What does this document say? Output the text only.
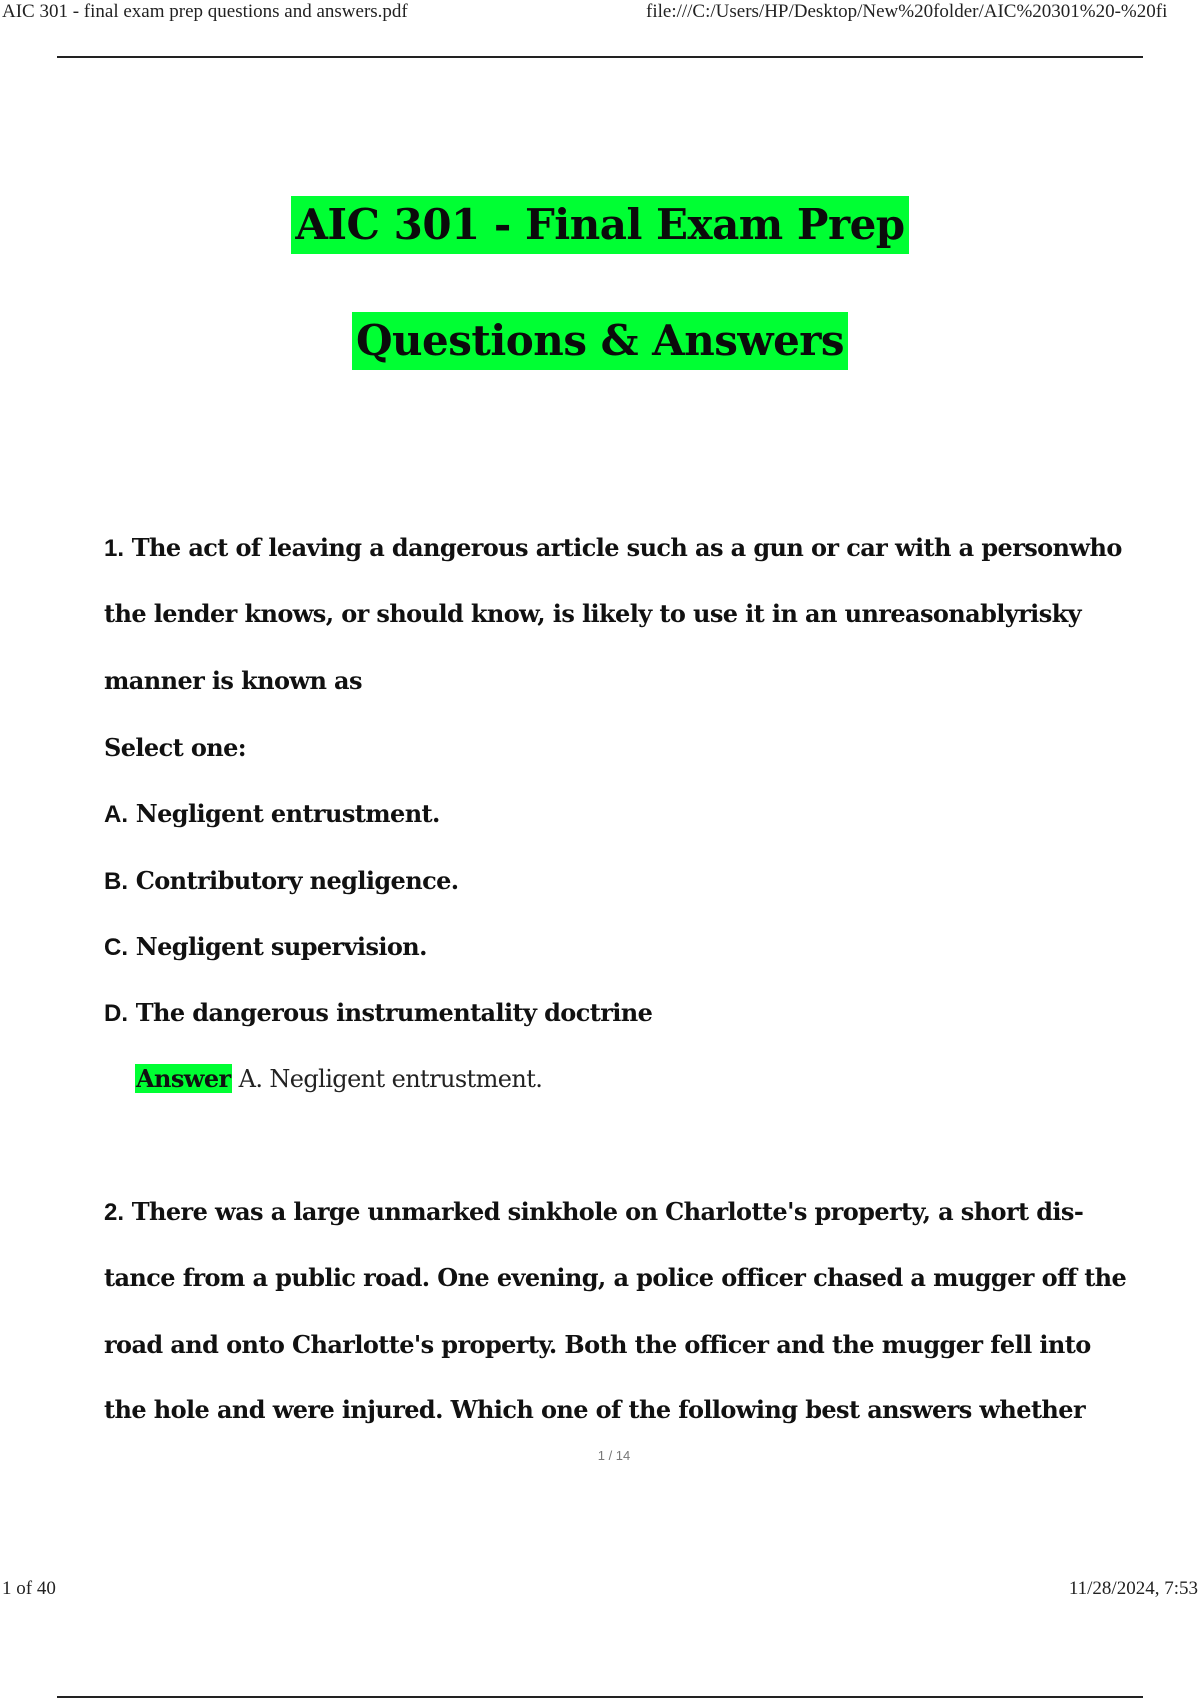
AIC 301 - final exam prep questions and answers.pdf	file:///C:/Users/HP/Desktop/New%20folder/AIC%20301%20-%20fi
AIC 301 - Final Exam Prep
Questions & Answers
1. The act of leaving a dangerous article such as a gun or car with a personwho
the lender knows, or should know, is likely to use it in an unreasonablyrisky
manner is known as
Select one:
A. Negligent entrustment.
B. Contributory negligence.
C. Negligent supervision.
D. The dangerous instrumentality doctrine
Answer A. Negligent entrustment.
2. There was a large unmarked sinkhole on Charlotte's property, a short dis-
tance from a public road. One evening, a police officer chased a mugger off the
road and onto Charlotte's property. Both the officer and the mugger fell into
the hole and were injured. Which one of the following best answers whether
1 / 14
1 of 40	11/28/2024, 7:53
